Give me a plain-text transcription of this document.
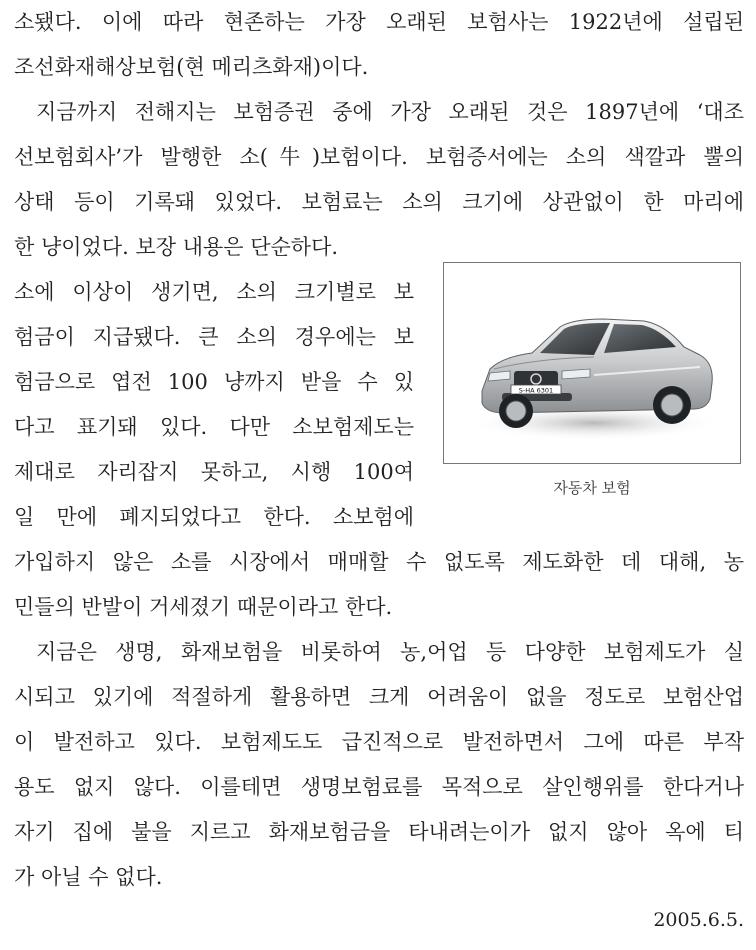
소됐다. 이에 따라 현존하는 가장 오래된 보험사는 1922년에 설립된
조선화재해상보험(현 메리츠화재)이다.
지금까지 전해지는 보험증권 중에 가장 오래된 것은 1897년에 ‘대조
선보험회사’가 발행한 소(牛)보험이다. 보험증서에는 소의 색깔과 뿔의
상태 등이 기록돼 있었다. 보험료는 소의 크기에 상관없이 한 마리에
한 냥이었다. 보장 내용은 단순하다.
소에 이상이 생기면, 소의 크기별로 보
험금이 지급됐다. 큰 소의 경우에는 보
험금으로 엽전 100 냥까지 받을 수 있
다고 표기돼 있다. 다만 소보험제도는
제대로 자리잡지 못하고, 시행 100여
일 만에 폐지되었다고 한다. 소보험에
가입하지 않은 소를 시장에서 매매할 수 없도록 제도화한 데 대해, 농
민들의 반발이 거세졌기 때문이라고 한다.
지금은 생명, 화재보험을 비롯하여 농,어업 등 다양한 보험제도가 실
시되고 있기에 적절하게 활용하면 크게 어려움이 없을 정도로 보험산업
이 발전하고 있다. 보험제도도 급진적으로 발전하면서 그에 따른 부작
용도 없지 않다. 이를테면 생명보험료를 목적으로 살인행위를 한다거나
자기 집에 불을 지르고 화재보험금을 타내려는이가 없지 않아 옥에 티
가 아닐 수 없다.
S-HA 6301
자동차 보험
2005.6.5.
